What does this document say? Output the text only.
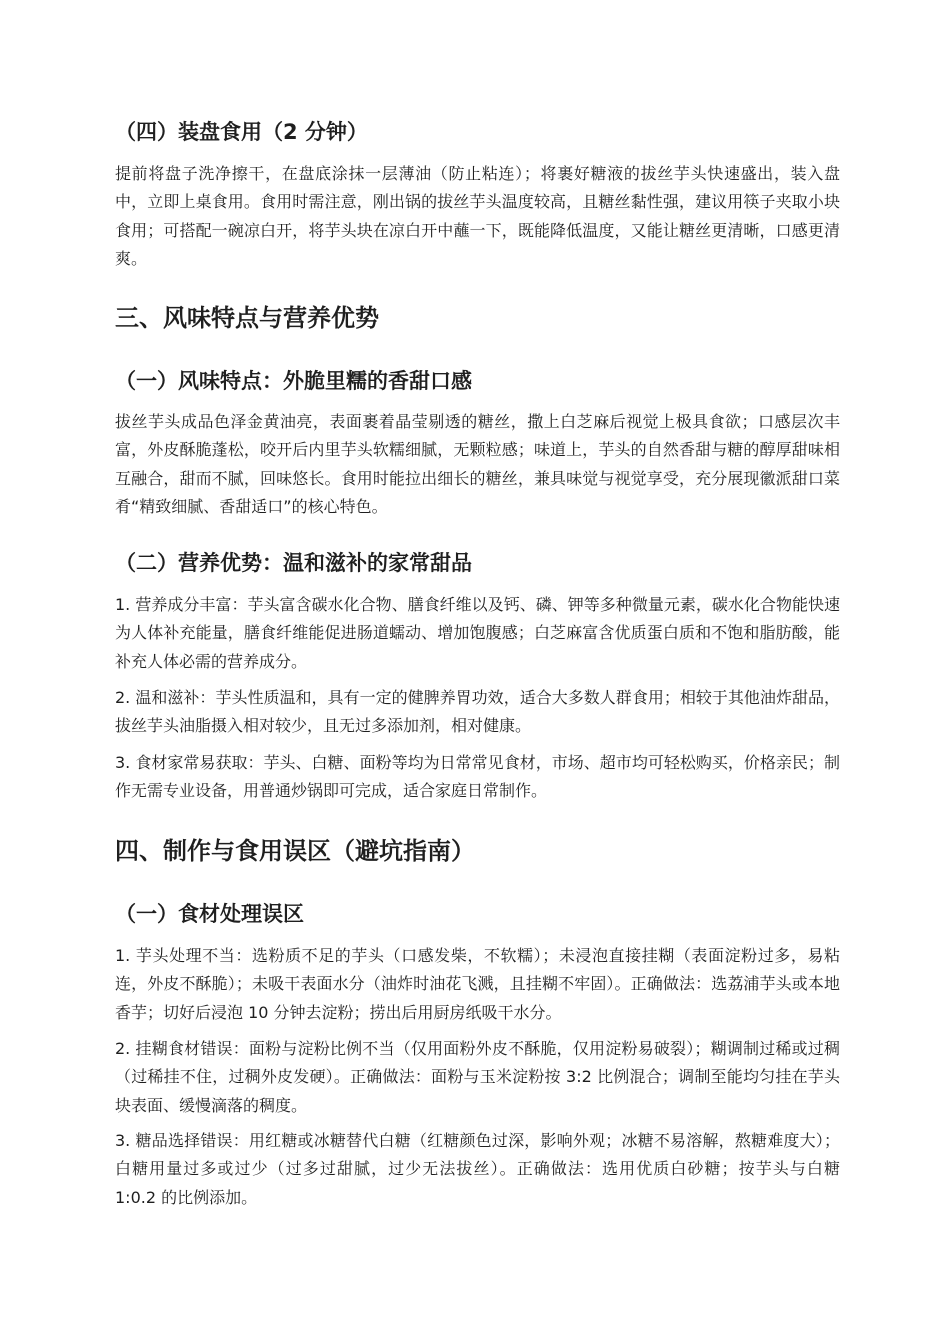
（四）装盘食用（2 分钟）

提前将盘子洗净擦干，在盘底涂抹一层薄油（防止粘连）；将裹好糖液的拔丝芋头快速盛出，装入盘中，立即上桌食用。食用时需注意，刚出锅的拔丝芋头温度较高，且糖丝黏性强，建议用筷子夹取小块食用；可搭配一碗凉白开，将芋头块在凉白开中蘸一下，既能降低温度，又能让糖丝更清晰，口感更清爽。

三、风味特点与营养优势
（一）风味特点：外脆里糯的香甜口感

拔丝芋头成品色泽金黄油亮，表面裹着晶莹剔透的糖丝，撒上白芝麻后视觉上极具食欲；口感层次丰富，外皮酥脆蓬松，咬开后内里芋头软糯细腻，无颗粒感；味道上，芋头的自然香甜与糖的醇厚甜味相互融合，甜而不腻，回味悠长。食用时能拉出细长的糖丝，兼具味觉与视觉享受，充分展现徽派甜口菜肴“精致细腻、香甜适口”的核心特色。

（二）营养优势：温和滋补的家常甜品

1. 营养成分丰富：芋头富含碳水化合物、膳食纤维以及钙、磷、钾等多种微量元素，碳水化合物能快速为人体补充能量，膳食纤维能促进肠道蠕动、增加饱腹感；白芝麻富含优质蛋白质和不饱和脂肪酸，能补充人体必需的营养成分。

2. 温和滋补：芋头性质温和，具有一定的健脾养胃功效，适合大多数人群食用；相较于其他油炸甜品，拔丝芋头油脂摄入相对较少，且无过多添加剂，相对健康。

3. 食材家常易获取：芋头、白糖、面粉等均为日常常见食材，市场、超市均可轻松购买，价格亲民；制作无需专业设备，用普通炒锅即可完成，适合家庭日常制作。

四、制作与食用误区（避坑指南）
（一）食材处理误区

1. 芋头处理不当：选粉质不足的芋头（口感发柴，不软糯）；未浸泡直接挂糊（表面淀粉过多，易粘连，外皮不酥脆）；未吸干表面水分（油炸时油花飞溅，且挂糊不牢固）。正确做法：选荔浦芋头或本地香芋；切好后浸泡 10 分钟去淀粉；捞出后用厨房纸吸干水分。

2. 挂糊食材错误：面粉与淀粉比例不当（仅用面粉外皮不酥脆，仅用淀粉易破裂）；糊调制过稀或过稠（过稀挂不住，过稠外皮发硬）。正确做法：面粉与玉米淀粉按 3:2 比例混合；调制至能均匀挂在芋头块表面、缓慢滴落的稠度。

3. 糖品选择错误：用红糖或冰糖替代白糖（红糖颜色过深，影响外观；冰糖不易溶解，熬糖难度大）；白糖用量过多或过少（过多过甜腻，过少无法拔丝）。正确做法：选用优质白砂糖；按芋头与白糖 1:0.2 的比例添加。
